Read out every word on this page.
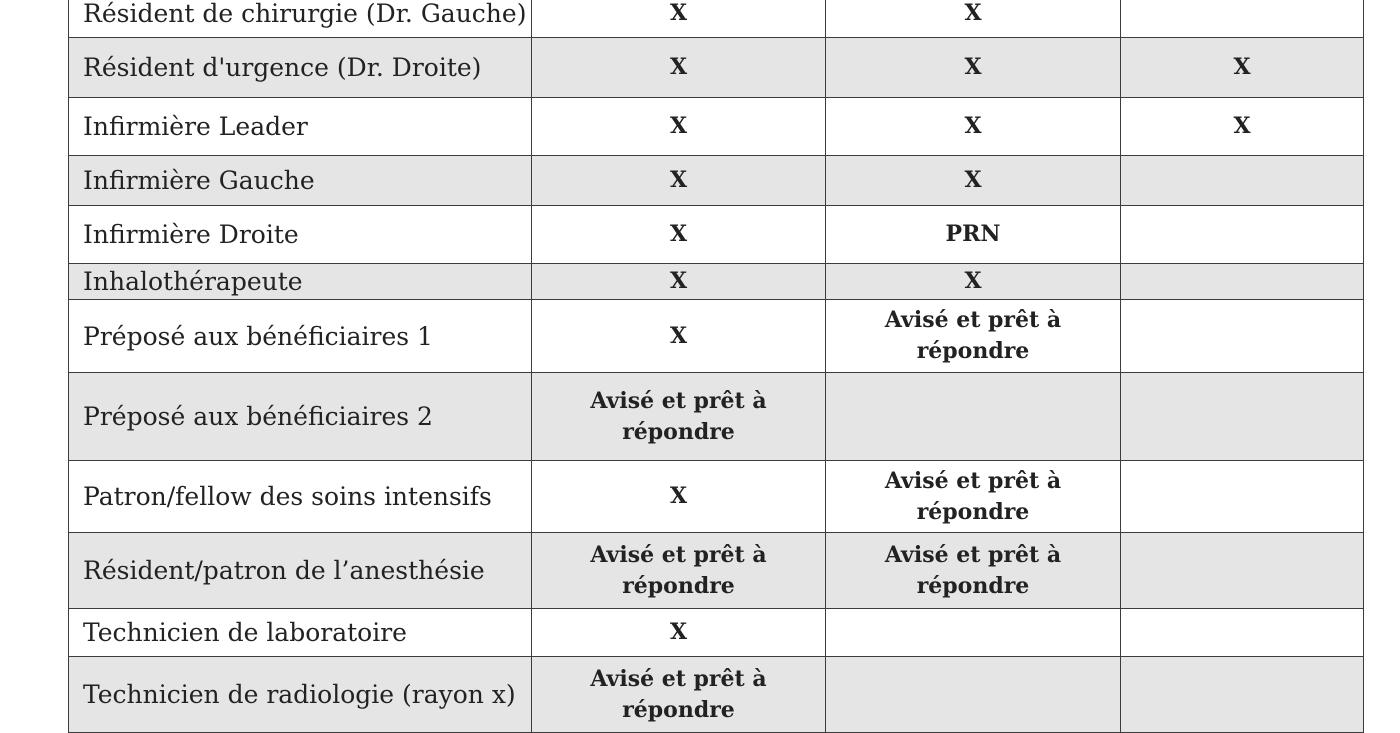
Résident de chirurgie (Dr. Gauche)	X	X	
Résident d'urgence (Dr. Droite)	X	X	X
Infirmière Leader	X	X	X
Infirmière Gauche	X	X	
Infirmière Droite	X	PRN	
Inhalothérapeute	X	X	
Préposé aux bénéficiaires 1	X	Avisé et prêt à répondre	
Préposé aux bénéficiaires 2	Avisé et prêt à répondre		
Patron/fellow des soins intensifs	X	Avisé et prêt à répondre	
Résident/patron de l’anesthésie	Avisé et prêt à répondre	Avisé et prêt à répondre	
Technicien de laboratoire	X		
Technicien de radiologie (rayon x)	Avisé et prêt à répondre		
